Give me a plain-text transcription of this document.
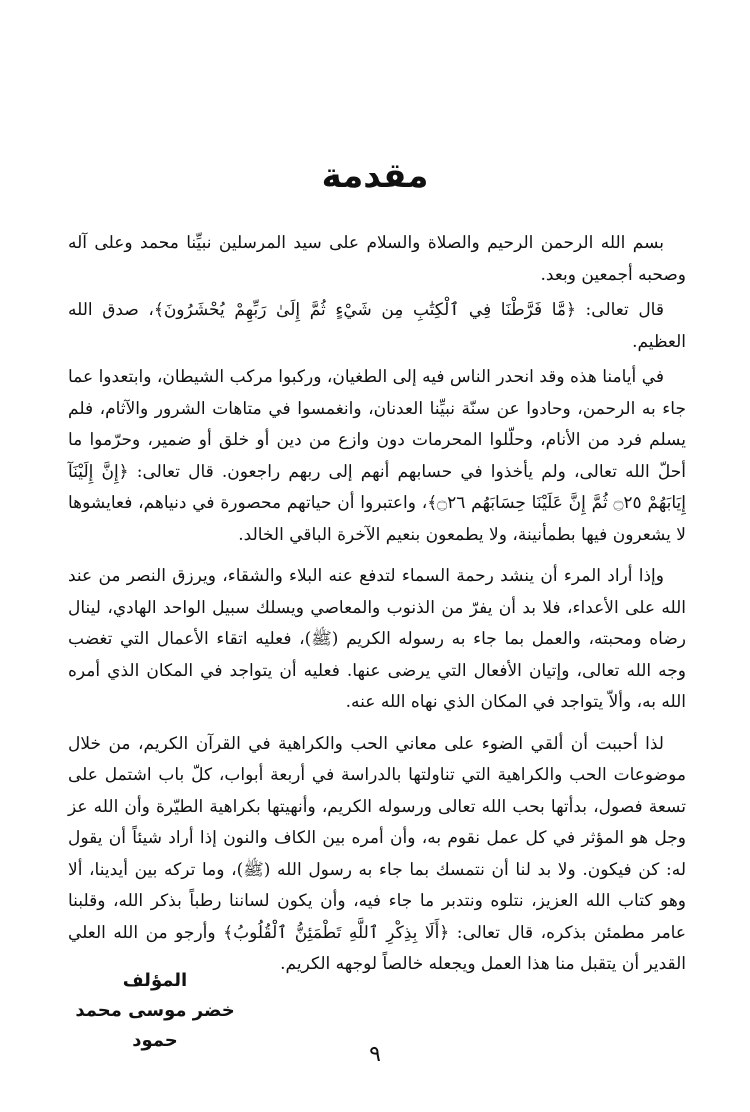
مقدمة

بسم الله الرحمن الرحيم والصلاة والسلام على سيد المرسلين نبيِّنا محمد وعلى آله وصحبه أجمعين وبعد.

قال تعالى: ﴿مَّا فَرَّطْنَا فِي ٱلْكِتَٰبِ مِن شَيْءٍ ثُمَّ إِلَىٰ رَبِّهِمْ يُحْشَرُونَ﴾، صدق الله العظيم.

في أيامنا هذه وقد انحدر الناس فيه إلى الطغيان، وركبوا مركب الشيطان، وابتعدوا عما جاء به الرحمن، وحادوا عن سنّة نبيِّنا العدنان، وانغمسوا في متاهات الشرور والآثام، فلم يسلم فرد من الأنام، وحلّلوا المحرمات دون وازع من دين أو خلق أو ضمير، وحرّموا ما أحلّ الله تعالى، ولم يأخذوا في حسابهم أنهم إلى ربهم راجعون. قال تعالى: ﴿إِنَّ إِلَيْنَآ إِيَابَهُمْ ۝٢٥ ثُمَّ إِنَّ عَلَيْنَا حِسَابَهُم ۝٢٦﴾، واعتبروا أن حياتهم محصورة في دنياهم، فعايشوها لا يشعرون فيها بطمأنينة، ولا يطمعون بنعيم الآخرة الباقي الخالد.

وإذا أراد المرء أن ينشد رحمة السماء لتدفع عنه البلاء والشقاء، ويرزق النصر من عند الله على الأعداء، فلا بد أن يفرّ من الذنوب والمعاصي ويسلك سبيل الواحد الهادي، لينال رضاه ومحبته، والعمل بما جاء به رسوله الكريم (ﷺ)، فعليه اتقاء الأعمال التي تغضب وجه الله تعالى، وإتيان الأفعال التي يرضى عنها. فعليه أن يتواجد في المكان الذي أمره الله به، وألاّ يتواجد في المكان الذي نهاه الله عنه.

لذا أحببت أن ألقي الضوء على معاني الحب والكراهية في القرآن الكريم، من خلال موضوعات الحب والكراهية التي تناولتها بالدراسة في أربعة أبواب، كلّ باب اشتمل على تسعة فصول، بدأتها بحب الله تعالى ورسوله الكريم، وأنهيتها بكراهية الطيّرة وأن الله عز وجل هو المؤثر في كل عمل نقوم به، وأن أمره بين الكاف والنون إذا أراد شيئاً أن يقول له: كن فيكون. ولا بد لنا أن نتمسك بما جاء به رسول الله (ﷺ)، وما تركه بين أيدينا، ألا وهو كتاب الله العزيز، نتلوه ونتدبر ما جاء فيه، وأن يكون لساننا رطباً بذكر الله، وقلبنا عامر مطمئن بذكره، قال تعالى: ﴿أَلَا بِذِكْرِ ٱللَّهِ تَطْمَئِنُّ ٱلْقُلُوبُ﴾ وأرجو من الله العلي القدير أن يتقبل منا هذا العمل ويجعله خالصاً لوجهه الكريم.

المؤلف
خضر موسى محمد حمود
٩
